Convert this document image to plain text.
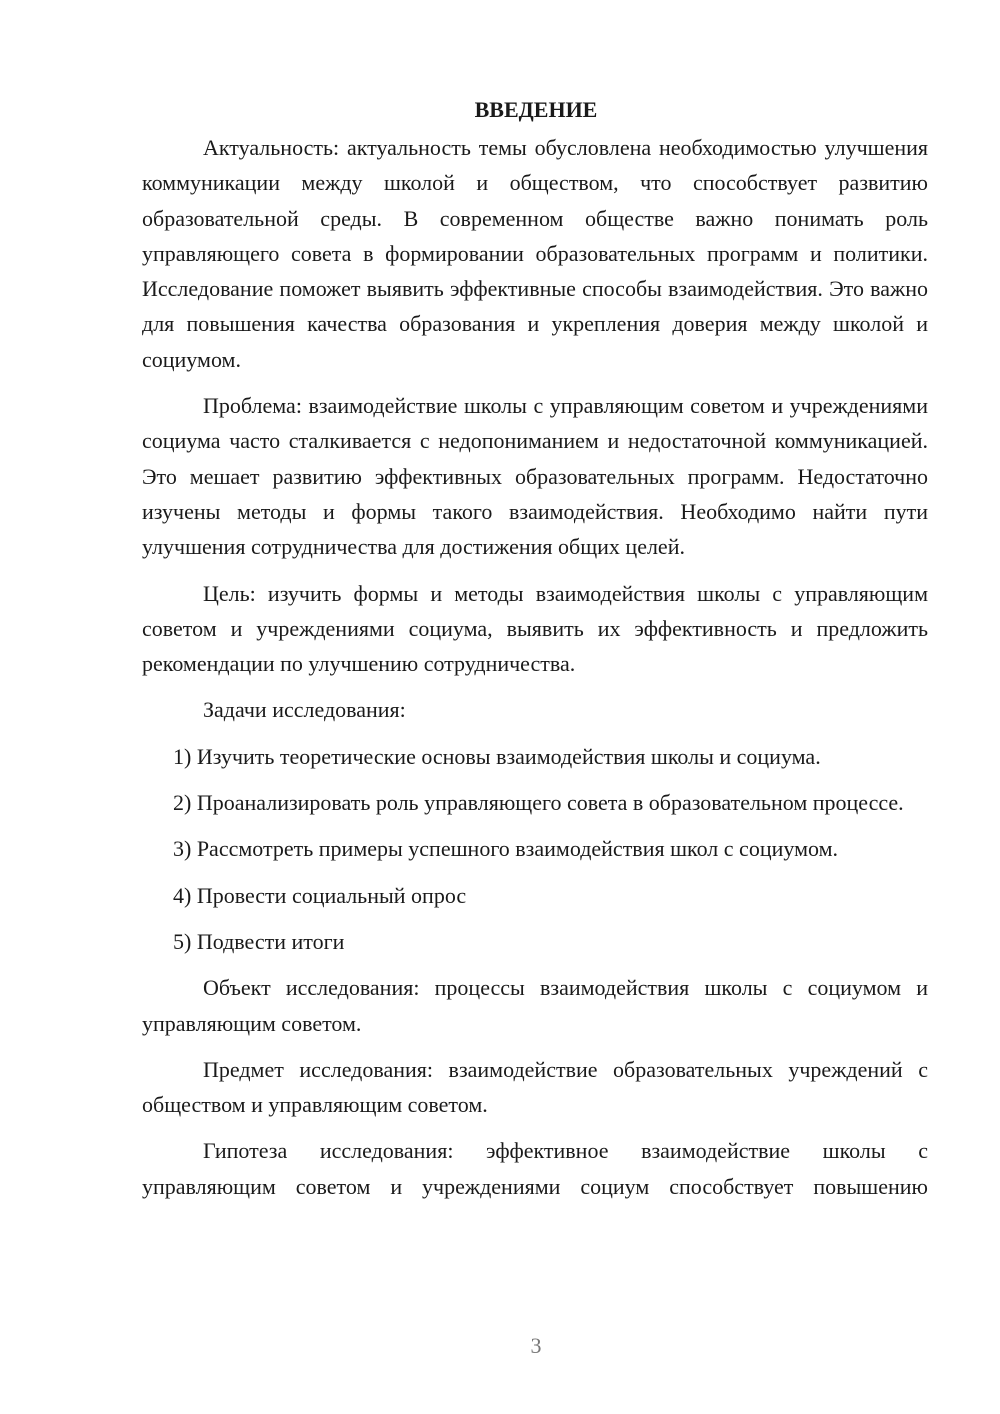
ВВЕДЕНИЕ

Актуальность: актуальность темы обусловлена необходимостью улучшения коммуникации между школой и обществом, что способствует развитию образовательной среды. В современном обществе важно понимать роль управляющего совета в формировании образовательных программ и политики. Исследование поможет выявить эффективные способы взаимодействия. Это важно для повышения качества образования и укрепления доверия между школой и социумом.

Проблема: взаимодействие школы с управляющим советом и учреждениями социума часто сталкивается с недопониманием и недостаточной коммуникацией. Это мешает развитию эффективных образовательных программ. Недостаточно изучены методы и формы такого взаимодействия. Необходимо найти пути улучшения сотрудничества для достижения общих целей.

Цель: изучить формы и методы взаимодействия школы с управляющим советом и учреждениями социума, выявить их эффективность и предложить рекомендации по улучшению сотрудничества.

Задачи исследования:

1) Изучить теоретические основы взаимодействия школы и социума.

2) Проанализировать роль управляющего совета в образовательном процессе.

3) Рассмотреть примеры успешного взаимодействия школ с социумом.

4) Провести социальный опрос

5) Подвести итоги

Объект исследования: процессы взаимодействия школы с социумом и управляющим советом.

Предмет исследования: взаимодействие образовательных учреждений с обществом и управляющим советом.

Гипотеза исследования: эффективное взаимодействие школы с управляющим советом и учреждениями социум способствует повышению

3
